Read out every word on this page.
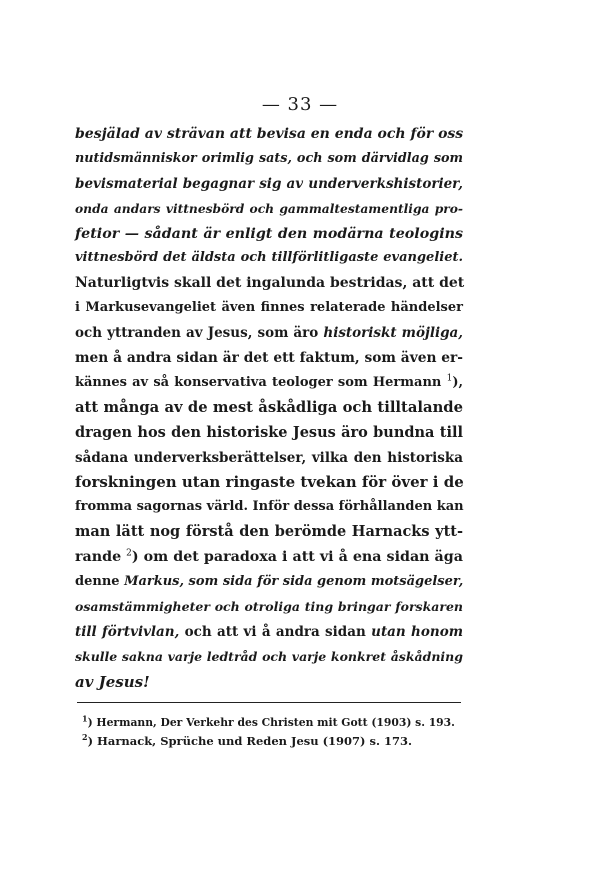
— 33 —
besjälad av strävan att bevisa en enda och för oss
nutidsmänniskor orimlig sats, och som därvidlag som
bevismaterial begagnar sig av underverkshistorier,
onda andars vittnesbörd och gammaltestamentliga pro-
fetior — sådant är enligt den modärna teologins
vittnesbörd det äldsta och tillförlitligaste evangeliet.
Naturligtvis skall det ingalunda bestridas, att det
i Markusevangeliet även finnes relaterade händelser
och yttranden av Jesus, som äro historiskt möjliga,
men å andra sidan är det ett faktum, som även er-
kännes av så konservativa teologer som Hermann $^1$),
att många av de mest åskådliga och tilltalande
dragen hos den historiske Jesus äro bundna till
sådana underverksberättelser, vilka den historiska
forskningen utan ringaste tvekan för över i de
fromma sagornas värld. Inför dessa förhållanden kan
man lätt nog förstå den berömde Harnacks ytt-
rande $^2$) om det paradoxa i att vi å ena sidan äga
denne Markus, som sida för sida genom motsägelser,
osamstämmigheter och otroliga ting bringar forskaren
till förtvivlan, och att vi å andra sidan utan honom
skulle sakna varje ledtråd och varje konkret åskådning
av Jesus!
$^1$) Hermann, Der Verkehr des Christen mit Gott (1903) s. 193.
$^2$) Harnack, Sprüche und Reden Jesu (1907) s. 173.
